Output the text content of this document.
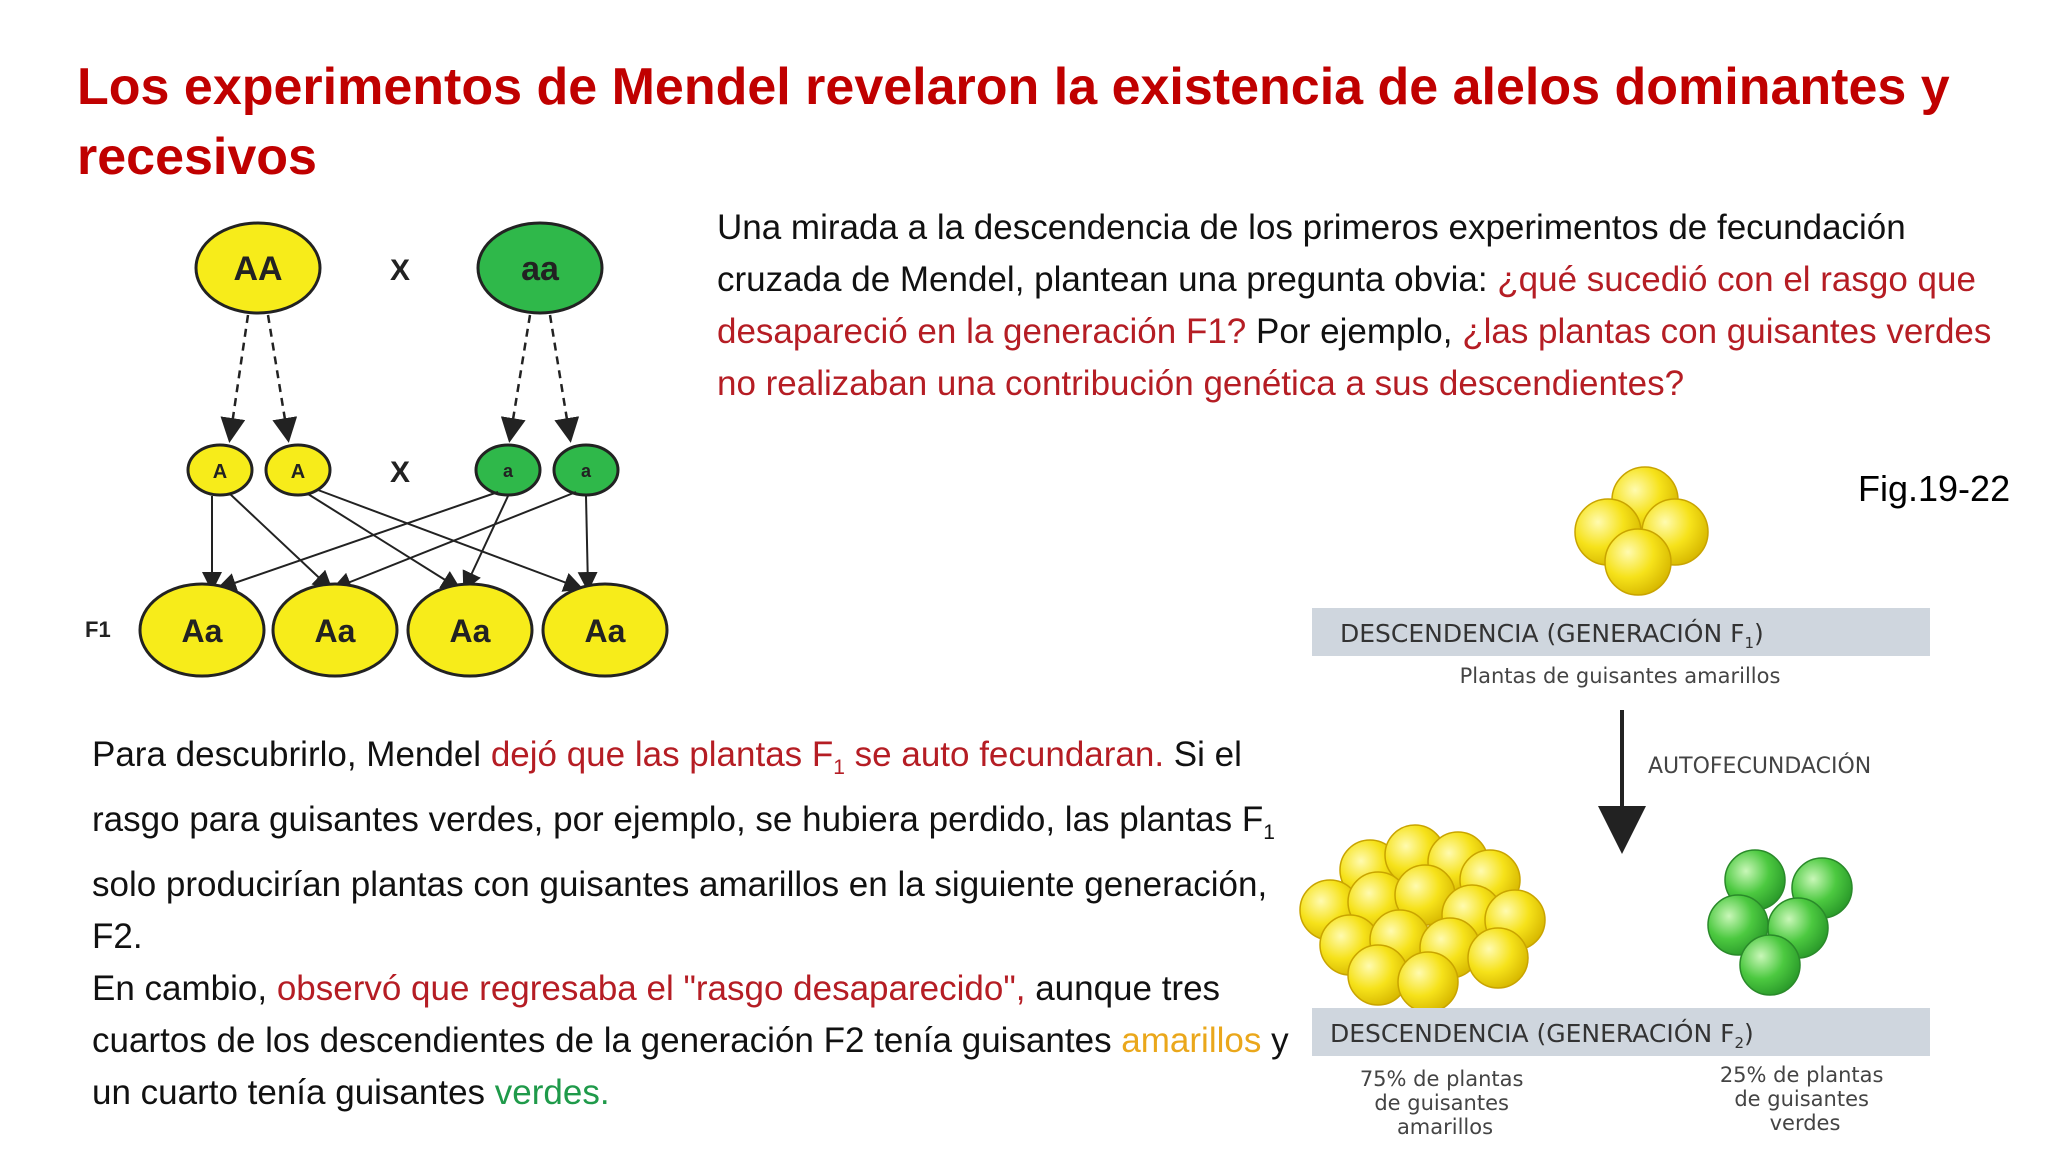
Los experimentos de Mendel revelaron la existencia de alelos dominantes y recesivos
Una mirada a la descendencia de los primeros experimentos de fecundación cruzada de Mendel, plantean una pregunta obvia: ¿qué sucedió con el rasgo que desapareció en la generación F1? Por ejemplo, ¿las plantas con guisantes verdes no realizaban una contribución genética a sus descendientes?
Para descubrirlo, Mendel dejó que las plantas $F_1$ se auto fecundaran. Si el rasgo para guisantes verdes, por ejemplo, se hubiera perdido, las plantas $F_1$ solo producirían plantas con guisantes amarillos en la siguiente generación, F2.
En cambio, observó que regresaba el "rasgo desaparecido", aunque tres cuartos de los descendientes de la generación F2 tenía guisantes amarillos y un cuarto tenía guisantes verdes.
AA	X	aa
A	A	X	a	a
F1 Aa	Aa	Aa	Aa
Fig.19-22
DESCENDENCIA (GENERACIÓN $F_1$)
Plantas de guisantes amarillos
AUTOFECUNDACIÓN
DESCENDENCIA (GENERACIÓN $F_2$)
75% de plantas de guisantes amarillos
25% de plantas de guisantes verdes
